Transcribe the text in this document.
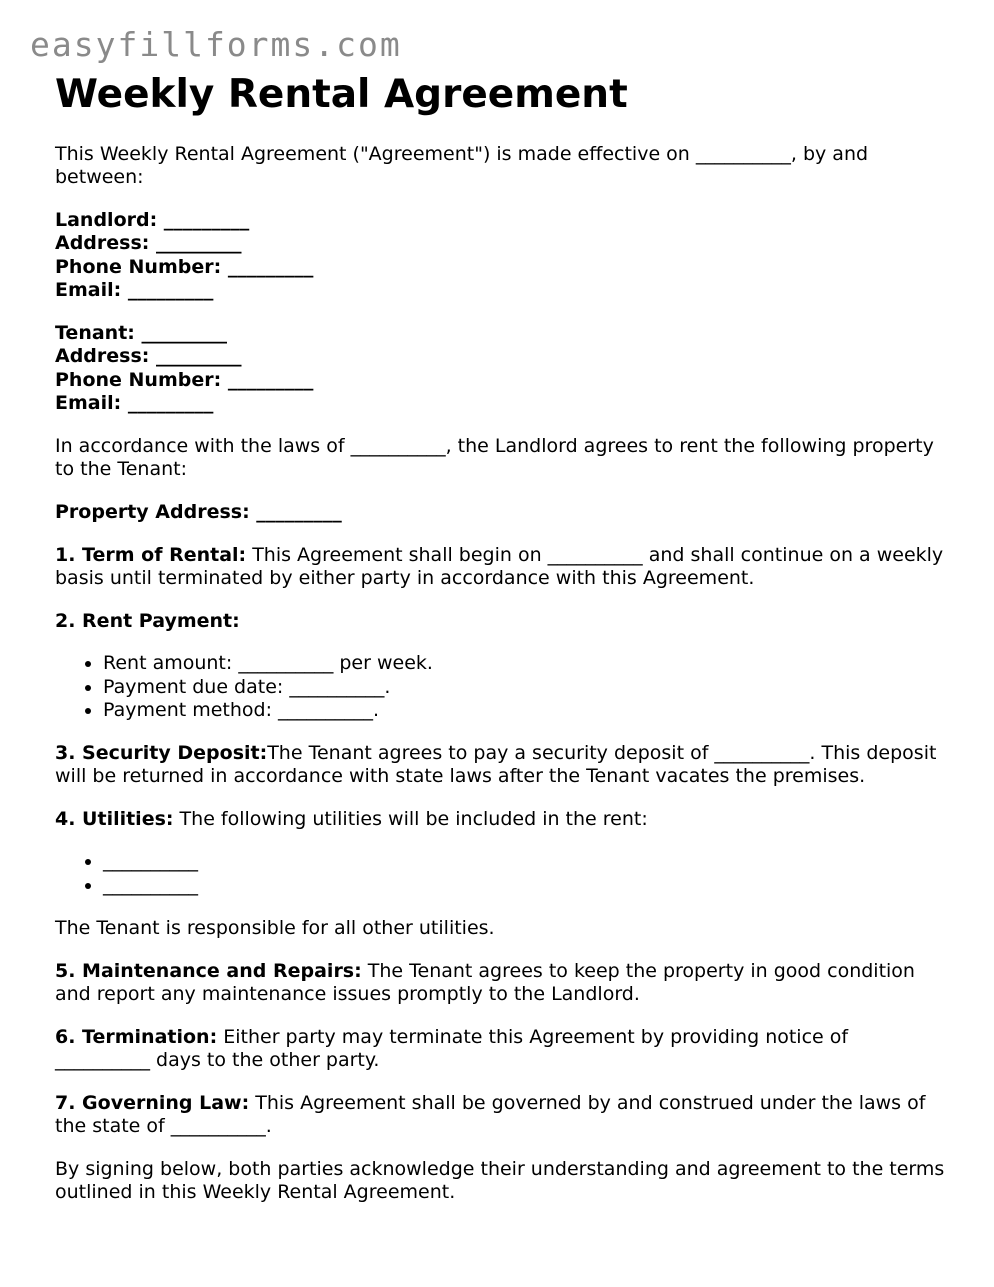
easyfillforms.com
Weekly Rental Agreement

This Weekly Rental Agreement ("Agreement") is made effective on __________, by and between:

Landlord: _________

Address: _________

Phone Number: _________

Email: _________

Tenant: _________

Address: _________

Phone Number: _________

Email: _________

In accordance with the laws of __________, the Landlord agrees to rent the following property to the Tenant:

Property Address: _________

1. Term of Rental: This Agreement shall begin on __________ and shall continue on a weekly basis until terminated by either party in accordance with this Agreement.

2. Rent Payment:

• Rent amount: __________ per week.
• Payment due date: __________.
• Payment method: __________.

3. Security Deposit:The Tenant agrees to pay a security deposit of __________. This deposit will be returned in accordance with state laws after the Tenant vacates the premises.

4. Utilities: The following utilities will be included in the rent:

• __________
• __________

The Tenant is responsible for all other utilities.

5. Maintenance and Repairs: The Tenant agrees to keep the property in good condition and report any maintenance issues promptly to the Landlord.

6. Termination: Either party may terminate this Agreement by providing notice of __________ days to the other party.

7. Governing Law: This Agreement shall be governed by and construed under the laws of the state of __________.

By signing below, both parties acknowledge their understanding and agreement to the terms outlined in this Weekly Rental Agreement.
